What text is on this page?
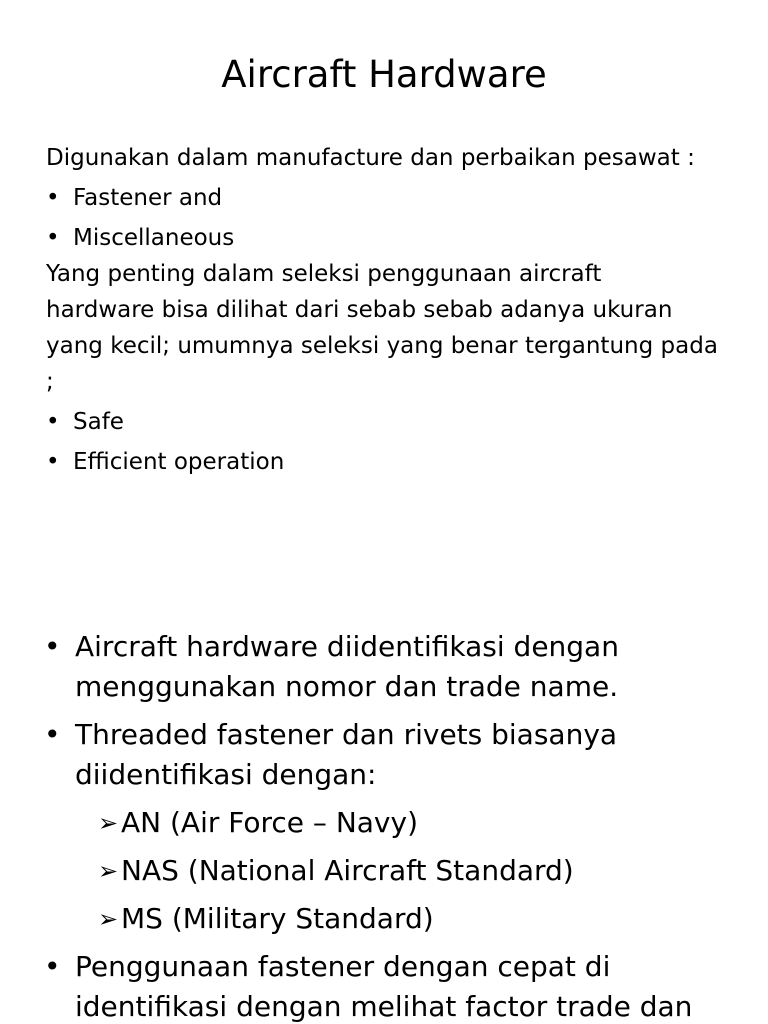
Aircraft Hardware

Digunakan dalam manufacture dan perbaikan pesawat :

• Fastener and
• Miscellaneous

Yang penting dalam seleksi penggunaan aircraft

hardware bisa dilihat dari sebab sebab adanya ukuran

yang kecil; umumnya seleksi yang benar tergantung pada

;

• Safe
• Efficient operation
• Aircraft hardware diidentifikasi dengan
menggunakan nomor dan trade name.
• Threaded fastener dan rivets biasanya
diidentifikasi dengan:
➢ AN (Air Force – Navy)
➢ NAS (National Aircraft Standard)
➢ MS (Military Standard)
• Penggunaan fastener dengan cepat di
identifikasi dengan melihat factor trade dan
